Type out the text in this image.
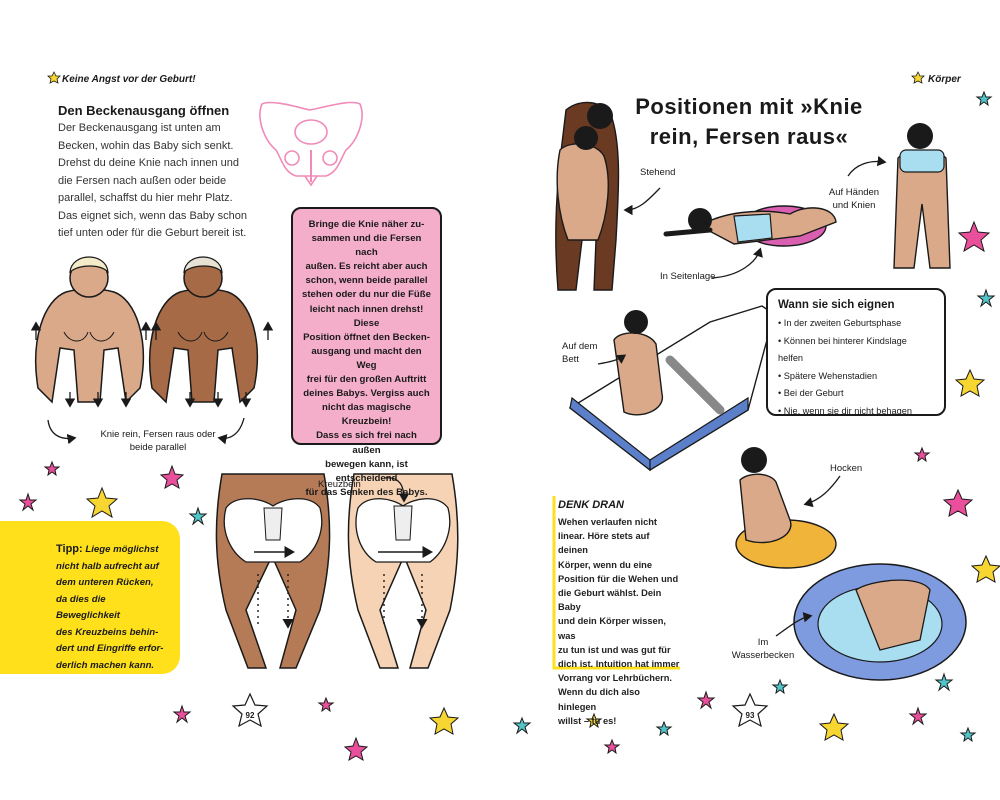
Keine Angst vor der Geburt!
Den Beckenausgang öffnen
Der Beckenausgang ist unten am
Becken, wohin das Baby sich senkt.
Drehst du deine Knie nach innen und
die Fersen nach außen oder beide
parallel, schaffst du hier mehr Platz.
Das eignet sich, wenn das Baby schon
tief unten oder für die Geburt bereit ist.
Bringe die Knie näher zu-
sammen und die Fersen nach
außen. Es reicht aber auch
schon, wenn beide parallel
stehen oder du nur die Füße
leicht nach innen drehst! Diese
Position öffnet den Becken-
ausgang und macht den Weg
frei für den großen Auftritt
deines Babys. Vergiss auch
nicht das magische Kreuzbein!
Dass es sich frei nach außen
bewegen kann, ist entscheidend
für das Senken des Babys.
Knie rein, Fersen raus oder
beide parallel
Kreuzbein
Tipp: Liege möglichst
nicht halb aufrecht auf
dem unteren Rücken,
da dies die Beweglichkeit
des Kreuzbeins behin-
dert und Eingriffe erfor-
derlich machen kann.
92
Körper
Positionen mit »Knie
rein, Fersen raus«
Stehend
In Seitenlage
Auf Händen
und Knien
Auf dem
Bett
Hocken
Im
Wasserbecken
Wann sie sich eignen
• In der zweiten Geburtsphase
• Können bei hinterer Kindslage helfen
• Spätere Wehenstadien
• Bei der Geburt
• Nie, wenn sie dir nicht behagen
DENK DRAN
Wehen verlaufen nicht
linear. Höre stets auf deinen
Körper, wenn du eine
Position für die Wehen und
die Geburt wählst. Dein Baby
und dein Körper wissen, was
zu tun ist und was gut für
dich ist. Intuition hat immer
Vorrang vor Lehrbüchern.
Wenn du dich also hinlegen
willst – tu es!
93
